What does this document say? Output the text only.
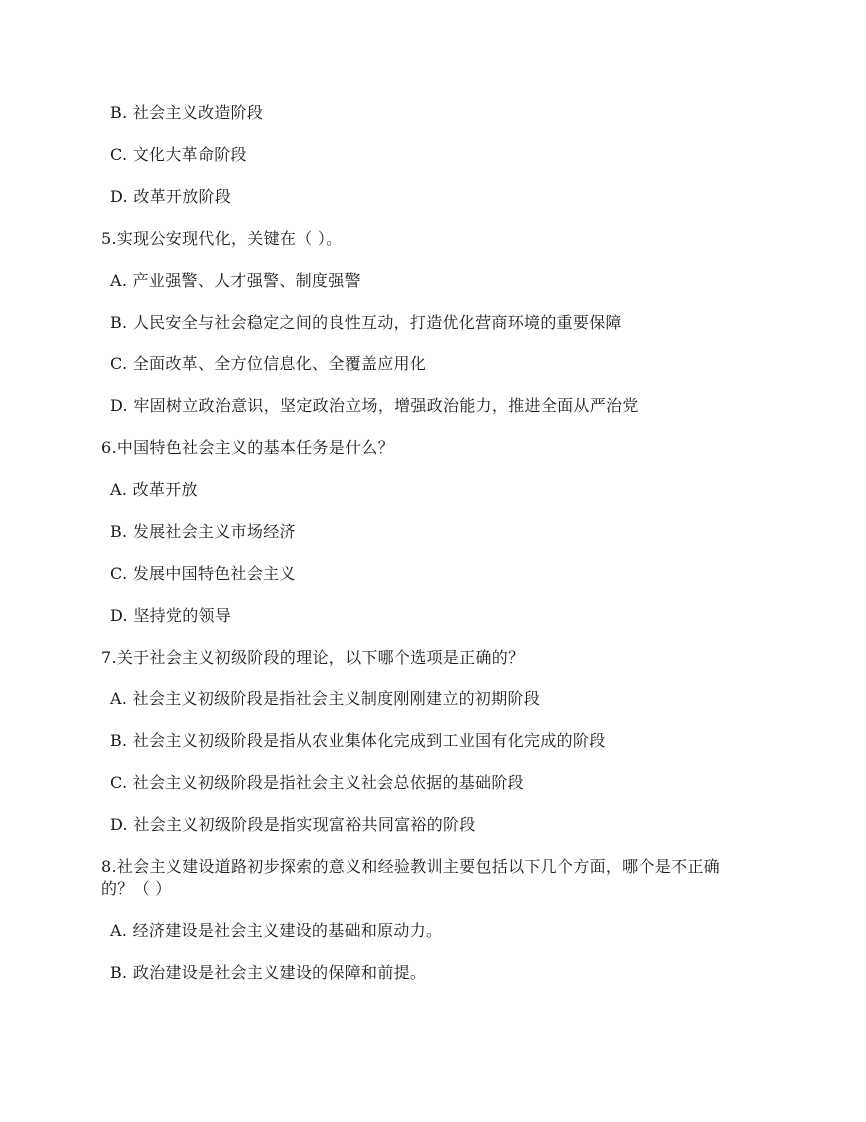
B. 社会主义改造阶段
C. 文化大革命阶段
D. 改革开放阶段
5.实现公安现代化，关键在（ ）。
A. 产业强警、人才强警、制度强警
B. 人民安全与社会稳定之间的良性互动，打造优化营商环境的重要保障
C. 全面改革、全方位信息化、全覆盖应用化
D. 牢固树立政治意识，坚定政治立场，增强政治能力，推进全面从严治党
6.中国特色社会主义的基本任务是什么？
A. 改革开放
B. 发展社会主义市场经济
C. 发展中国特色社会主义
D. 坚持党的领导
7.关于社会主义初级阶段的理论，以下哪个选项是正确的？
A. 社会主义初级阶段是指社会主义制度刚刚建立的初期阶段
B. 社会主义初级阶段是指从农业集体化完成到工业国有化完成的阶段
C. 社会主义初级阶段是指社会主义社会总依据的基础阶段
D. 社会主义初级阶段是指实现富裕共同富裕的阶段
8.社会主义建设道路初步探索的意义和经验教训主要包括以下几个方面，哪个是不正确的？（ ）
A. 经济建设是社会主义建设的基础和原动力。
B. 政治建设是社会主义建设的保障和前提。
